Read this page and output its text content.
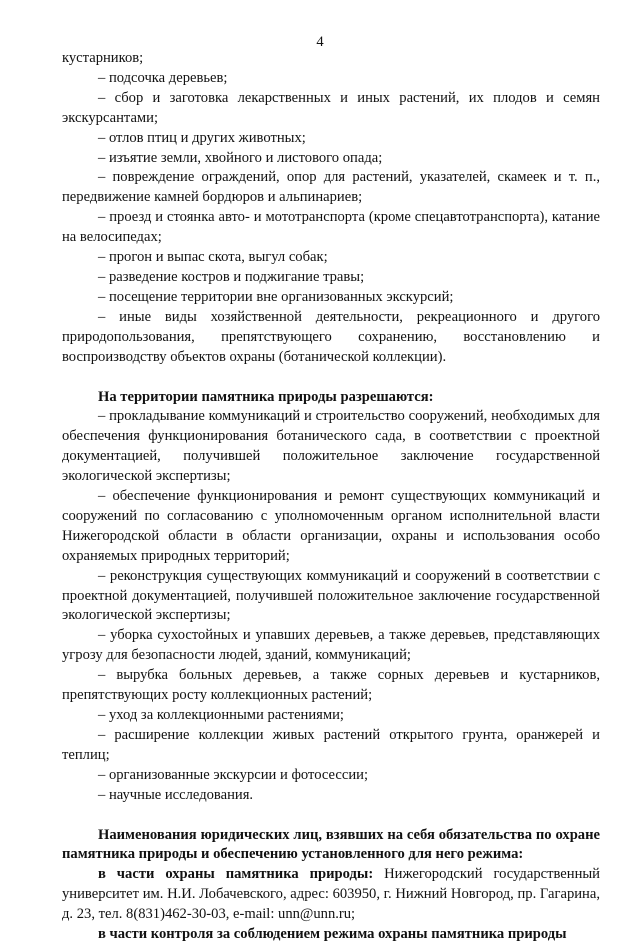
4

кустарников;

– подсочка деревьев;

– сбор и заготовка лекарственных и иных растений, их плодов и семян экскурсантами;

– отлов птиц и других животных;

– изъятие земли, хвойного и листового опада;

– повреждение ограждений, опор для растений, указателей, скамеек и т. п., передвижение камней бордюров и альпинариев;

– проезд и стоянка авто- и мототранспорта (кроме спецавтотранспорта), катание на велосипедах;

– прогон и выпас скота, выгул собак;

– разведение костров и поджигание травы;

– посещение территории вне организованных экскурсий;

– иные виды хозяйственной деятельности, рекреационного и другого природопользования, препятствующего сохранению, восстановлению и воспроизводству объектов охраны (ботанической коллекции).

На территории памятника природы разрешаются:

– прокладывание коммуникаций и строительство сооружений, необходимых для обеспечения функционирования ботанического сада, в соответствии с проектной документацией, получившей положительное заключение государственной экологической экспертизы;

– обеспечение функционирования и ремонт существующих коммуникаций и сооружений по согласованию с уполномоченным органом исполнительной власти Нижегородской области в области организации, охраны и использования особо охраняемых природных территорий;

– реконструкция существующих коммуникаций и сооружений в соответствии с проектной документацией, получившей положительное заключение государственной экологической экспертизы;

– уборка сухостойных и упавших деревьев, а также деревьев, представляющих угрозу для безопасности людей, зданий, коммуникаций;

– вырубка больных деревьев, а также сорных деревьев и кустарников, препятствующих росту коллекционных растений;

– уход за коллекционными растениями;

– расширение коллекции живых растений открытого грунта, оранжерей и теплиц;

– организованные экскурсии и фотосессии;

– научные исследования.

Наименования юридических лиц, взявших на себя обязательства по охране памятника природы и обеспечению установленного для него режима:

в части охраны памятника природы: Нижегородский государственный университет им. Н.И. Лобачевского, адрес: 603950, г. Нижний Новгород, пр. Гагарина, д. 23, тел. 8(831)462-30-03, e-mail: unn@unn.ru;

в части контроля за соблюдением режима охраны памятника природы
